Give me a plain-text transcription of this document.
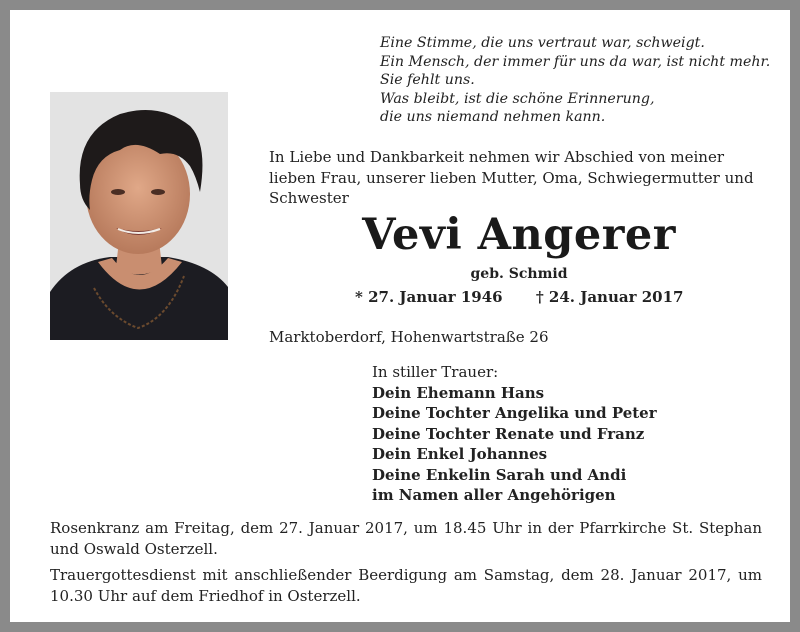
Eine Stimme, die uns vertraut war, schweigt.
Ein Mensch, der immer für uns da war, ist nicht mehr.
Sie fehlt uns.
Was bleibt, ist die schöne Erinnerung,
die uns niemand nehmen kann.
In Liebe und Dankbarkeit nehmen wir Abschied von meiner lieben Frau, unserer lieben Mutter, Oma, Schwiegermutter und Schwester
Vevi Angerer
geb. Schmid
* 27. Januar 1946 † 24. Januar 2017
Marktoberdorf, Hohenwartstraße 26
In stiller Trauer:
Dein Ehemann Hans
Deine Tochter Angelika und Peter
Deine Tochter Renate und Franz
Dein Enkel Johannes
Deine Enkelin Sarah und Andi
im Namen aller Angehörigen
Rosenkranz am Freitag, dem 27. Januar 2017, um 18.45 Uhr in der Pfarrkirche St. Stephan und Oswald Osterzell.
Trauergottesdienst mit anschließender Beerdigung am Samstag, dem 28. Januar 2017, um 10.30 Uhr auf dem Friedhof in Osterzell.
